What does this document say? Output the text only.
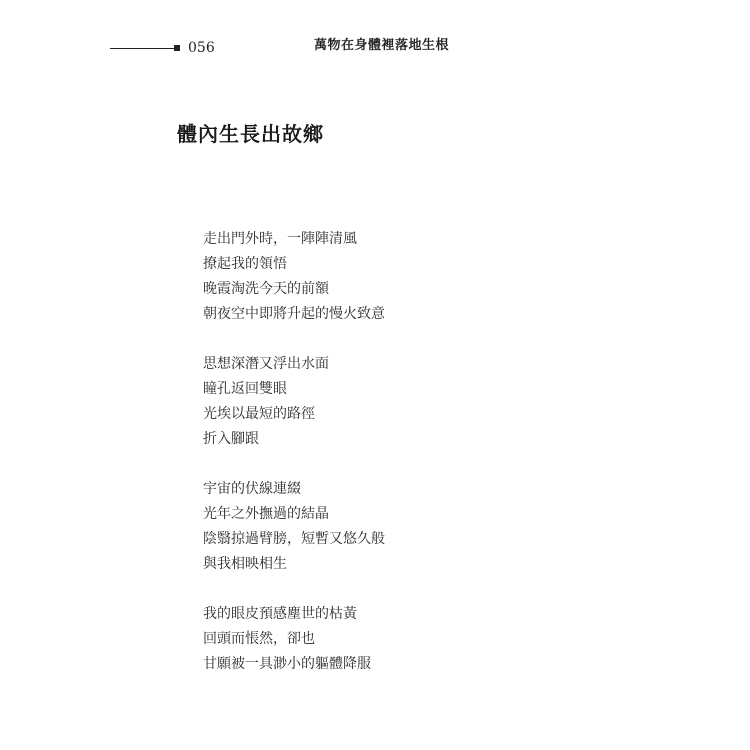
056	萬物在身體裡落地生根
體內生長出故鄉
走出門外時，一陣陣清風
撩起我的領悟
晚霞淘洗今天的前額
朝夜空中即將升起的慢火致意
思想深潛又浮出水面
瞳孔返回雙眼
光埃以最短的路徑
折入腳跟
宇宙的伏線連綴
光年之外撫過的結晶
陰翳掠過臂膀，短暫又悠久般
與我相映相生
我的眼皮預感塵世的枯黃
回頭而悵然，卻也
甘願被一具渺小的軀體降服
